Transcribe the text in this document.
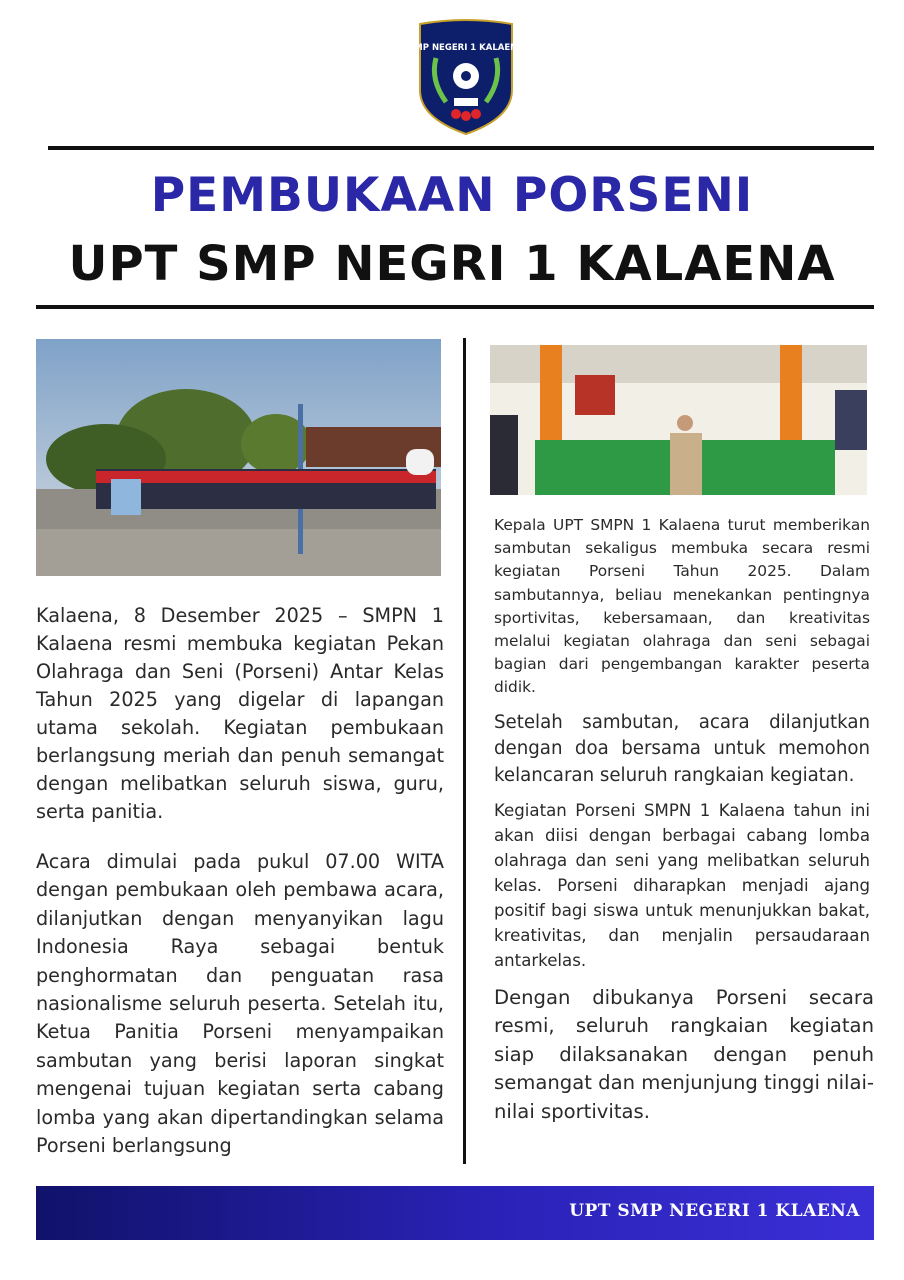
SMP NEGERI 1 KALAENA
PEMBUKAAN PORSENI
UPT SMP NEGRI 1 KALAENA
Kalaena, 8 Desember 2025 – SMPN 1 Kalaena resmi membuka kegiatan Pekan Olahraga dan Seni (Porseni) Antar Kelas Tahun 2025 yang digelar di lapangan utama sekolah. Kegiatan pembukaan berlangsung meriah dan penuh semangat dengan melibatkan seluruh siswa, guru, serta panitia.
Acara dimulai pada pukul 07.00 WITA dengan pembukaan oleh pembawa acara, dilanjutkan dengan menyanyikan lagu Indonesia Raya sebagai bentuk penghormatan dan penguatan rasa nasionalisme seluruh peserta. Setelah itu, Ketua Panitia Porseni menyampaikan sambutan yang berisi laporan singkat mengenai tujuan kegiatan serta cabang lomba yang akan dipertandingkan selama Porseni berlangsung
Kepala UPT SMPN 1 Kalaena turut memberikan sambutan sekaligus membuka secara resmi kegiatan Porseni Tahun 2025. Dalam sambutannya, beliau menekankan pentingnya sportivitas, kebersamaan, dan kreativitas melalui kegiatan olahraga dan seni sebagai bagian dari pengembangan karakter peserta didik.
Setelah sambutan, acara dilanjutkan dengan doa bersama untuk memohon kelancaran seluruh rangkaian kegiatan.
Kegiatan Porseni SMPN 1 Kalaena tahun ini akan diisi dengan berbagai cabang lomba olahraga dan seni yang melibatkan seluruh kelas. Porseni diharapkan menjadi ajang positif bagi siswa untuk menunjukkan bakat, kreativitas, dan menjalin persaudaraan antarkelas.
Dengan dibukanya Porseni secara resmi, seluruh rangkaian kegiatan siap dilaksanakan dengan penuh semangat dan menjunjung tinggi nilai-nilai sportivitas.
UPT SMP NEGERI 1 KLAENA
